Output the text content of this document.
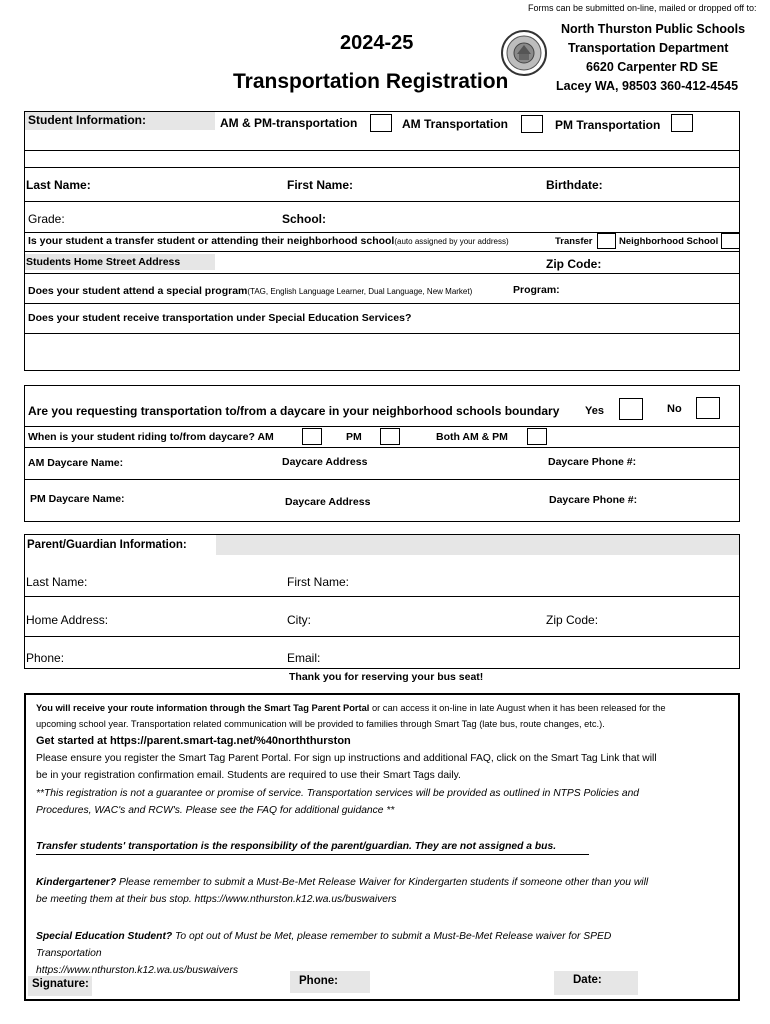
Forms can be submitted on-line, mailed or dropped off to:
2024-25
Transportation Registration
North Thurston Public Schools
Transportation Department
6620 Carpenter RD SE
Lacey WA, 98503 360-412-4545
Student Information:	AM & PM-transportation	AM Transportation	PM Transportation
Last Name:	First Name:	Birthdate:
Grade:	School:
Is your student a transfer student or attending their neighborhood school(auto assigned by your address)	Transfer	Neighborhood School
Students Home Street Address	Zip Code:
Does your student attend a special program(TAG, English Language Learner, Dual Language, New Market)	Program:
Does your student receive transportation under Special Education Services?
Are you requesting transportation to/from a daycare in your neighborhood schools boundary Yes	No
When is your student riding to/from daycare? AM	PM	Both AM & PM
AM Daycare Name:	Daycare Address	Daycare Phone #:
PM Daycare Name:	Daycare Address	Daycare Phone #:
Parent/Guardian Information:
Last Name:	First Name:
Home Address:	City:	Zip Code:
Phone:	Email:
Thank you for reserving your bus seat!
You will receive your route information through the Smart Tag Parent Portal or can access it on-line in late August when it has been released for the
upcoming school year. Transportation related communication will be provided to families through Smart Tag (late bus, route changes, etc.).
Get started at https://parent.smart-tag.net/%40norththurston
Please ensure you register the Smart Tag Parent Portal. For sign up instructions and additional FAQ, click on the Smart Tag Link that will
be in your registration confirmation email. Students are required to use their Smart Tags daily.
**This registration is not a guarantee or promise of service. Transportation services will be provided as outlined in NTPS Policies and
Procedures, WAC's and RCW's. Please see the FAQ for additional guidance **
Transfer students' transportation is the responsibility of the parent/guardian. They are not assigned a bus.
Kindergartener? Please remember to submit a Must-Be-Met Release Waiver for Kindergarten students if someone other than you will
be meeting them at their bus stop. https://www.nthurston.k12.wa.us/buswaivers
Special Education Student? To opt out of Must be Met, please remember to submit a Must-Be-Met Release waiver for SPED
Transportation
https://www.nthurston.k12.wa.us/buswaivers
Signature:	Phone:	Date:
